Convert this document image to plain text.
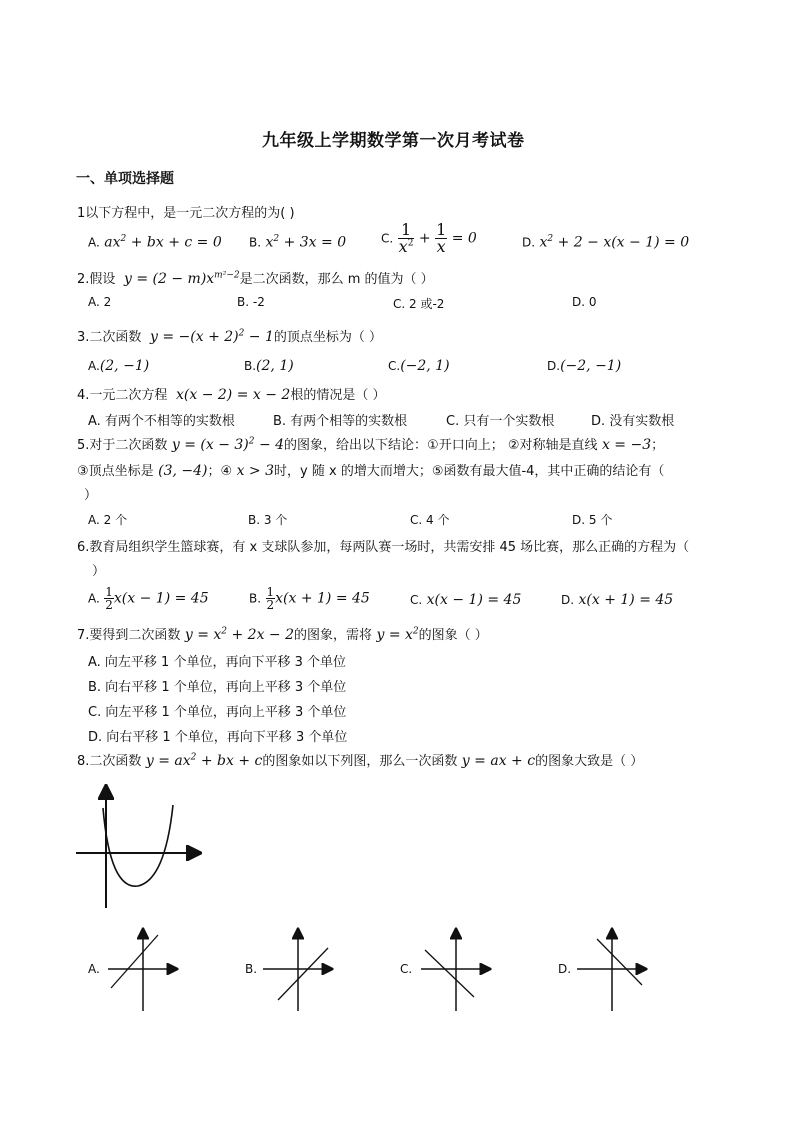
九年级上学期数学第一次月考试卷
一、单项选择题
1以下方程中，是一元二次方程的为( )
A. $ax^2$ + bx + c = 0 B. $x^2 + 3x = 0$	C. $\frac{1}{x^2} + \frac{1}{x} = 0$	D. $x^2 + 2 - x(x - 1) = 0$
2.假设  $y = (2 - m)x^{m^2-2}$是二次函数，那么 m 的值为（ ）
A. 2	B. -2	C. 2 或-2	D. 0
3.二次函数  $y = -(x + 2)^2 - 1$的顶点坐标为（ ）
A.(2, −1)	B.(2, 1)	C.(−2, 1)	D.(−2, −1)
4.一元二次方程  x(x − 2) = x − 2根的情况是（ ）
A. 有两个不相等的实数根	B. 有两个相等的实数根	C. 只有一个实数根	D. 没有实数根
5.对于二次函数 $y = (x - 3)^2 - 4$的图象，给出以下结论：①开口向上； ②对称轴是直线 x = −3；
③顶点坐标是 (3, −4)；④ x > 3时，y 随 x 的增大而增大；⑤函数有最大值-4，其中正确的结论有（
）
A. 2 个	B. 3 个	C. 4 个	D. 5 个
6.教育局组织学生篮球赛，有 x 支球队参加，每两队赛一场时，共需安排 45 场比赛，那么正确的方程为（
）
A. $\frac{1}{2} x(x - 1) = 45$	B. $\frac{1}{2} x(x + 1) = 45$	C. x(x − 1) = 45	D. x(x + 1) = 45
7.要得到二次函数 $y = x^2 + 2x - 2$的图象，需将 $y = x^2$的图象（ ）
A. 向左平移 1 个单位，再向下平移 3 个单位
B. 向右平移 1 个单位，再向上平移 3 个单位
C. 向左平移 1 个单位，再向上平移 3 个单位
D. 向右平移 1 个单位，再向下平移 3 个单位
8.二次函数 $y = ax^2$ + bx + c的图象如以下列图，那么一次函数 y = ax + c的图象大致是（ ）
A.	B.	C.	D.
